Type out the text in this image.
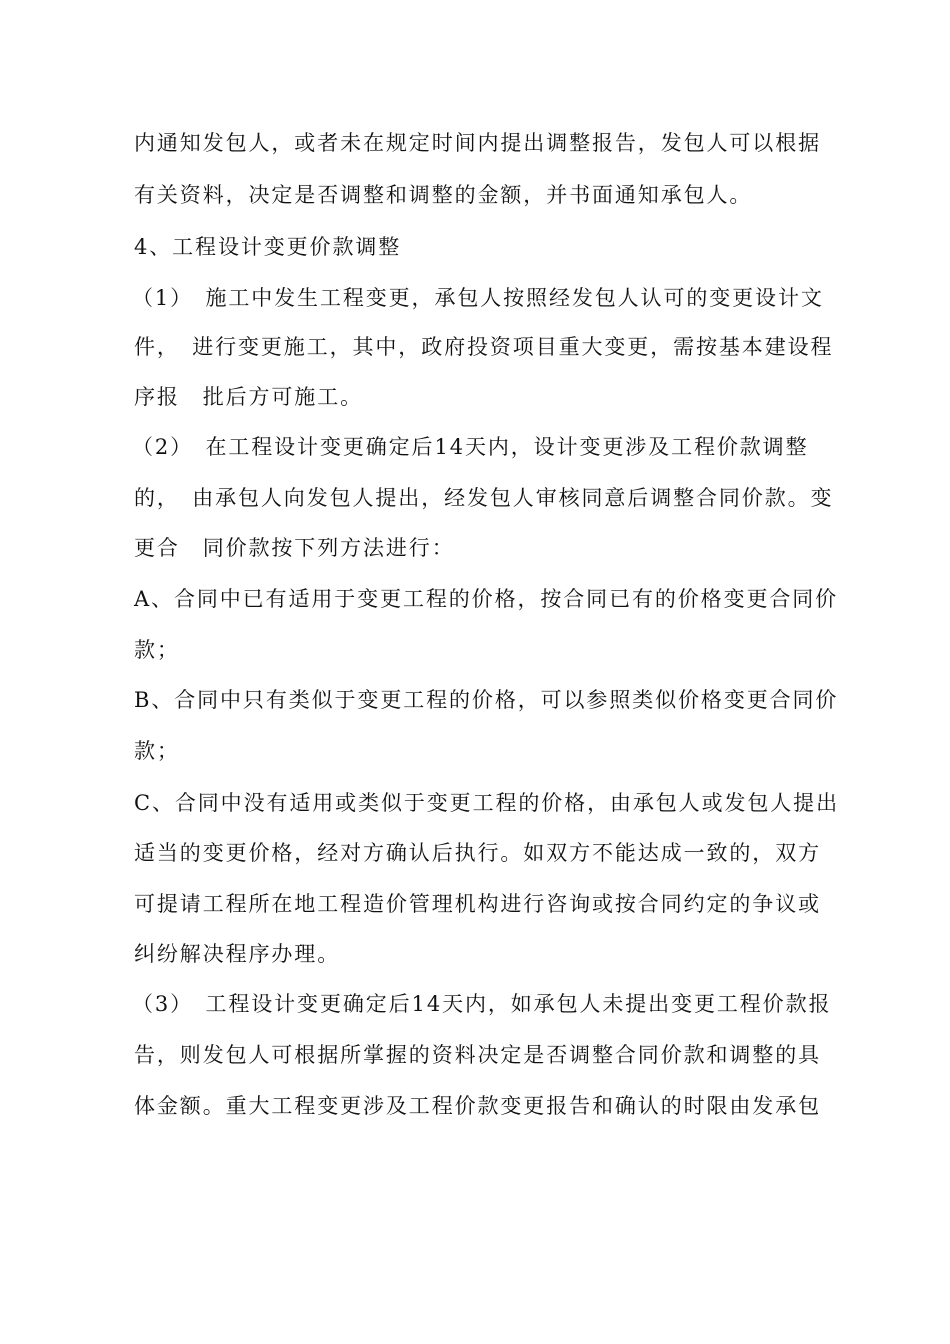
内通知发包人，或者未在规定时间内提出调整报告，发包人可以根据
有关资料，决定是否调整和调整的金额，并书面通知承包人。
4、工程设计变更价款调整
（1）　施工中发生工程变更，承包人按照经发包人认可的变更设计文
件，　进行变更施工，其中，政府投资项目重大变更，需按基本建设程
序报　批后方可施工。
（2）　在工程设计变更确定后14天内，设计变更涉及工程价款调整
的，　由承包人向发包人提出，经发包人审核同意后调整合同价款。变
更合　同价款按下列方法进行：
A、合同中已有适用于变更工程的价格，按合同已有的价格变更合同价
款；
B、合同中只有类似于变更工程的价格，可以参照类似价格变更合同价
款；
C、合同中没有适用或类似于变更工程的价格，由承包人或发包人提出
适当的变更价格，经对方确认后执行。如双方不能达成一致的，双方
可提请工程所在地工程造价管理机构进行咨询或按合同约定的争议或
纠纷解决程序办理。
（3）　工程设计变更确定后14天内，如承包人未提出变更工程价款报
告，则发包人可根据所掌握的资料决定是否调整合同价款和调整的具
体金额。重大工程变更涉及工程价款变更报告和确认的时限由发承包
